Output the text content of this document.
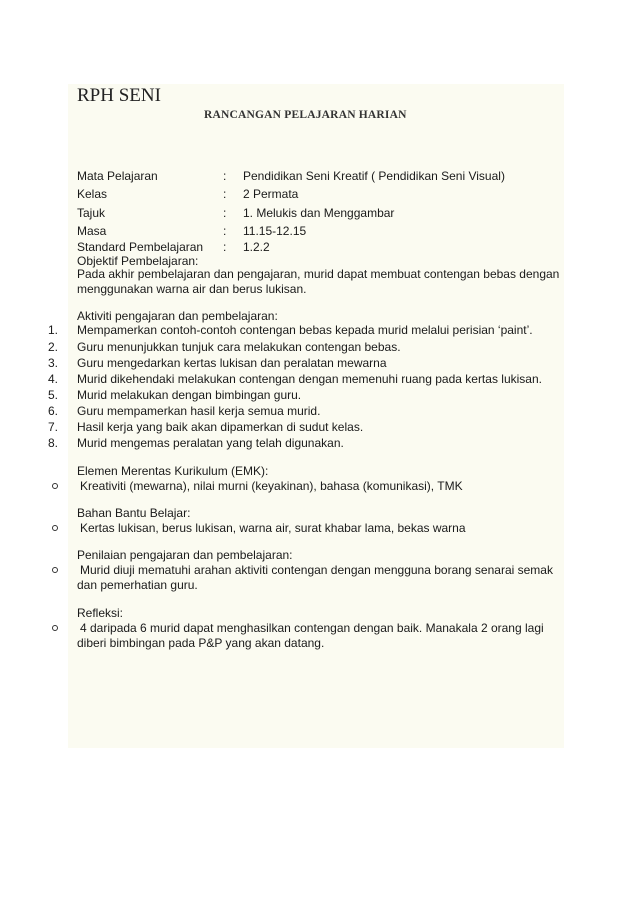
RPH SENI
RANCANGAN PELAJARAN HARIAN
Mata Pelajaran	: Pendidikan Seni Kreatif ( Pendidikan Seni Visual)
Kelas	: 2 Permata
Tajuk	: 1. Melukis dan Menggambar
Masa	: 11.15-12.15
Standard Pembelajaran : 1.2.2
Objektif Pembelajaran:
Pada akhir pembelajaran dan pengajaran, murid dapat membuat contengan bebas dengan
menggunakan warna air dan berus lukisan.
Aktiviti pengajaran dan pembelajaran:
1. Mempamerkan contoh-contoh contengan bebas kepada murid melalui perisian ‘paint’.
2. Guru menunjukkan tunjuk cara melakukan contengan bebas.
3. Guru mengedarkan kertas lukisan dan peralatan mewarna
4. Murid dikehendaki melakukan contengan dengan memenuhi ruang pada kertas lukisan.
5. Murid melakukan dengan bimbingan guru.
6. Guru mempamerkan hasil kerja semua murid.
7. Hasil kerja yang baik akan dipamerkan di sudut kelas.
8. Murid mengemas peralatan yang telah digunakan.
Elemen Merentas Kurikulum (EMK):
Kreativiti (mewarna), nilai murni (keyakinan), bahasa (komunikasi), TMK
Bahan Bantu Belajar:
Kertas lukisan, berus lukisan, warna air, surat khabar lama, bekas warna
Penilaian pengajaran dan pembelajaran:
Murid diuji mematuhi arahan aktiviti contengan dengan mengguna borang senarai semak
dan pemerhatian guru.
Refleksi:
4 daripada 6 murid dapat menghasilkan contengan dengan baik. Manakala 2 orang lagi
diberi bimbingan pada P&P yang akan datang.
